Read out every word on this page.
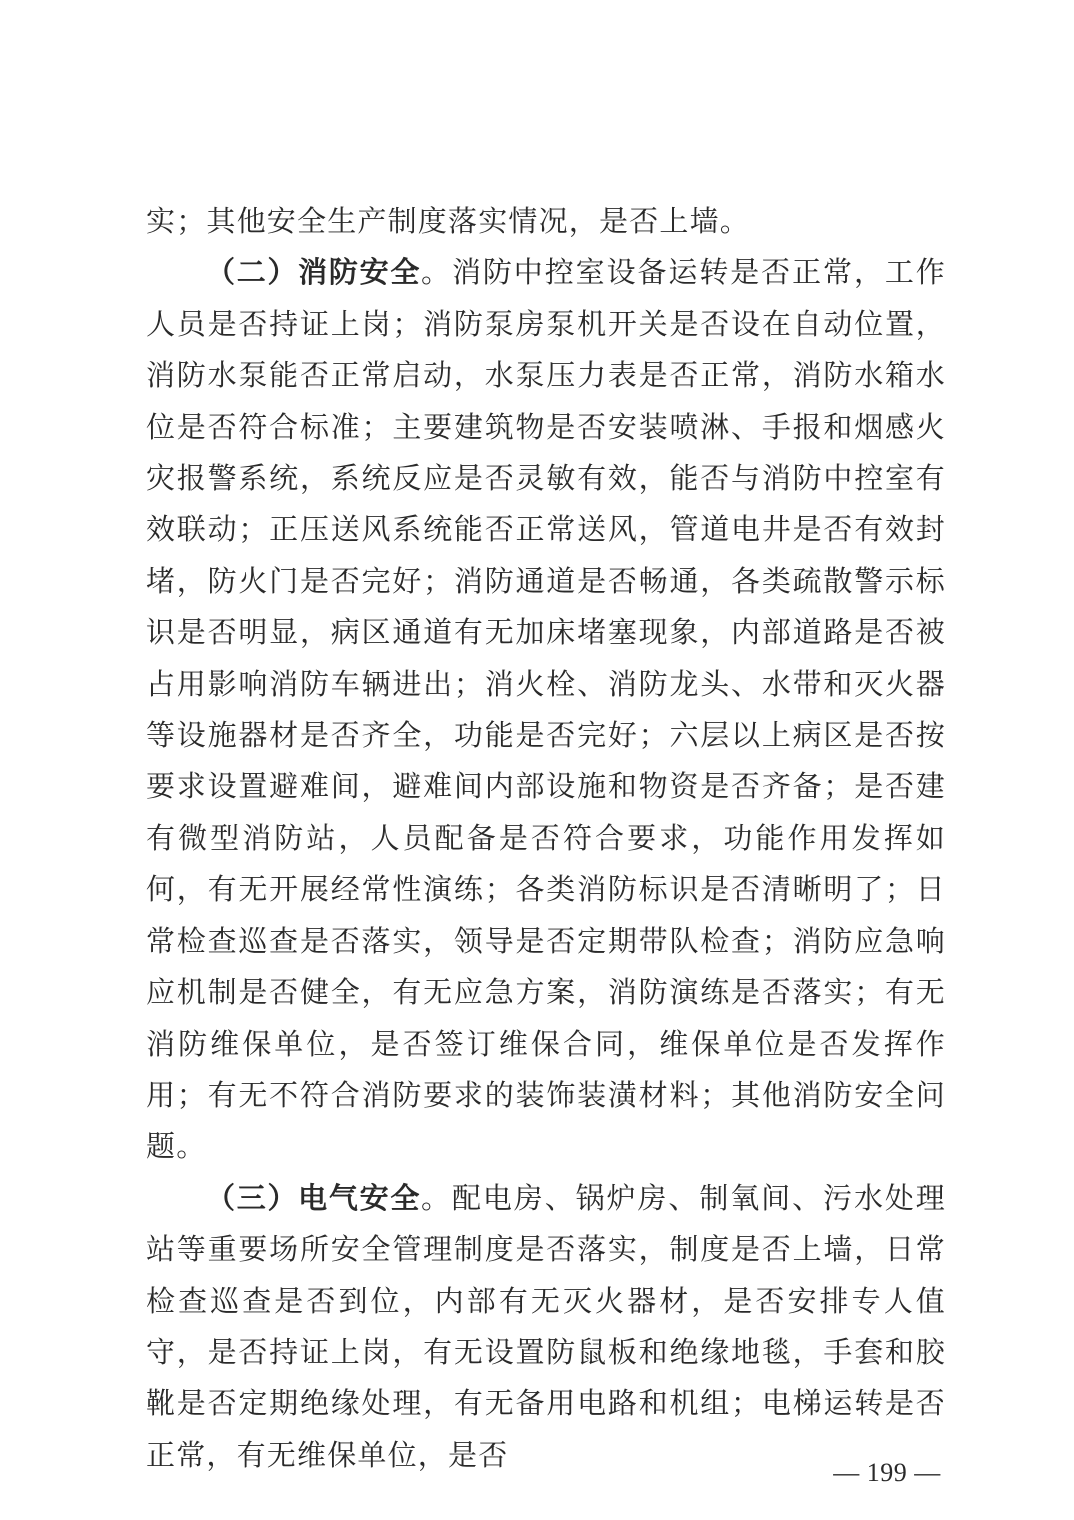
实；其他安全生产制度落实情况，是否上墙。

（二）消防安全。消防中控室设备运转是否正常，工作人员是否持证上岗；消防泵房泵机开关是否设在自动位置，消防水泵能否正常启动，水泵压力表是否正常，消防水箱水位是否符合标准；主要建筑物是否安装喷淋、手报和烟感火灾报警系统，系统反应是否灵敏有效，能否与消防中控室有效联动；正压送风系统能否正常送风，管道电井是否有效封堵，防火门是否完好；消防通道是否畅通，各类疏散警示标识是否明显，病区通道有无加床堵塞现象，内部道路是否被占用影响消防车辆进出；消火栓、消防龙头、水带和灭火器等设施器材是否齐全，功能是否完好；六层以上病区是否按要求设置避难间，避难间内部设施和物资是否齐备；是否建有微型消防站，人员配备是否符合要求，功能作用发挥如何，有无开展经常性演练；各类消防标识是否清晰明了；日常检查巡查是否落实，领导是否定期带队检查；消防应急响应机制是否健全，有无应急方案，消防演练是否落实；有无消防维保单位，是否签订维保合同，维保单位是否发挥作用；有无不符合消防要求的装饰装潢材料；其他消防安全问题。

（三）电气安全。配电房、锅炉房、制氧间、污水处理站等重要场所安全管理制度是否落实，制度是否上墙，日常检查巡查是否到位，内部有无灭火器材，是否安排专人值守，是否持证上岗，有无设置防鼠板和绝缘地毯，手套和胶靴是否定期绝缘处理，有无备用电路和机组；电梯运转是否正常，有无维保单位，是否

— 199 —
